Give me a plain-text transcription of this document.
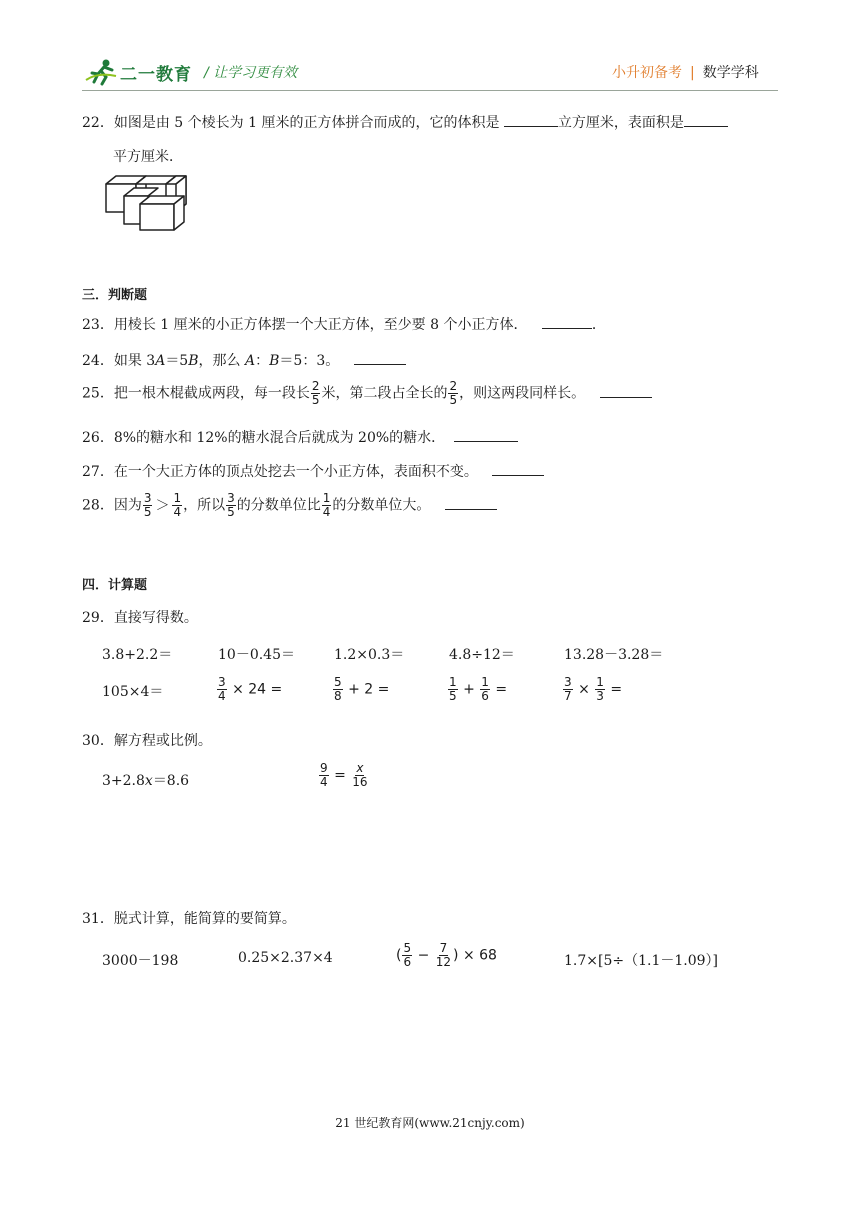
二一教育 / 让学习更有效	小升初备考 | 数学学科
22．如图是由 5 个棱长为 1 厘米的正方体拼合而成的，它的体积是	立方厘米，表面积是
平方厘米．
三．判断题
23．用棱长 1 厘米的小正方体摆一个大正方体，至少要 8 个小正方体．	．
24．如果 3A＝5B，那么 A：B＝5：3。
25．把一根木棍截成两段，每一段长 $\frac{2}{5}$ 米，第二段占全长的 $\frac{2}{5}$ ，则这两段同样长。
26．8%的糖水和 12%的糖水混合后就成为 20%的糖水．
27．在一个大正方体的顶点处挖去一个小正方体，表面积不变。
28．因为 $\frac{3}{5} > \frac{1}{4}$ ，所以 $\frac{3}{5}$ 的分数单位比 $\frac{1}{4}$ 的分数单位大。
四．计算题
29．直接写得数。
3.8+2.2＝	10－0.45＝	1.2×0.3＝	4.8÷12＝	13.28－3.28＝
105×4＝	$\frac{3}{4} \times 24$ =	$\frac{5}{8} + 2$ =	$\frac{1}{5} + \frac{1}{6}$ =	$\frac{3}{7} \times \frac{1}{3}$ =
30．解方程或比例。
3+2.8x＝8.6	$\frac{9}{4} = \frac{x}{16}$
31．脱式计算，能简算的要简算。
3000－198	0.25×2.37×4	( $\frac{5}{6} - \frac{7}{12}$ ) × 68	1.7×[5÷（1.1－1.09）]
21 世纪教育网(www.21cnjy.com)
